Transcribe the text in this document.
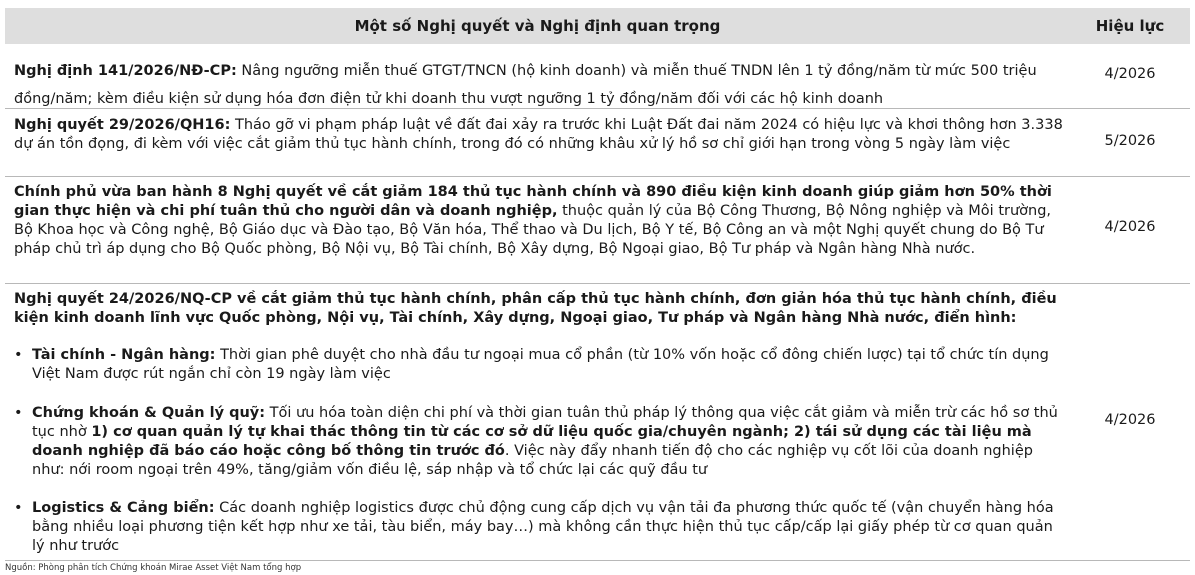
Một số Nghị quyết và Nghị định quan trọng	Hiệu lực
Nghị định 141/2026/NĐ-CP: Nâng ngưỡng miễn thuế GTGT/TNCN (hộ kinh doanh) và miễn thuế TNDN lên 1 tỷ đồng/năm từ mức 500 triệu đồng/năm; kèm điều kiện sử dụng hóa đơn điện tử khi doanh thu vượt ngưỡng 1 tỷ đồng/năm đối với các hộ kinh doanh
4/2026
Nghị quyết 29/2026/QH16: Tháo gỡ vi phạm pháp luật về đất đai xảy ra trước khi Luật Đất đai năm 2024 có hiệu lực và khơi thông hơn 3.338 dự án tồn đọng, đi kèm với việc cắt giảm thủ tục hành chính, trong đó có những khâu xử lý hồ sơ chỉ giới hạn trong vòng 5 ngày làm việc	5/2026
Chính phủ vừa ban hành 8 Nghị quyết về cắt giảm 184 thủ tục hành chính và 890 điều kiện kinh doanh giúp giảm hơn 50% thời gian thực hiện và chi phí tuân thủ cho người dân và doanh nghiệp, thuộc quản lý của Bộ Công Thương, Bộ Nông nghiệp và Môi trường, Bộ Khoa học và Công nghệ, Bộ Giáo dục và Đào tạo, Bộ Văn hóa, Thể thao và Du lịch, Bộ Y tế, Bộ Công an và một Nghị quyết chung do Bộ Tư pháp chủ trì áp dụng cho Bộ Quốc phòng, Bộ Nội vụ, Bộ Tài chính, Bộ Xây dựng, Bộ Ngoại giao, Bộ Tư pháp và Ngân hàng Nhà nước.
4/2026
Nghị quyết 24/2026/NQ-CP về cắt giảm thủ tục hành chính, phân cấp thủ tục hành chính, đơn giản hóa thủ tục hành chính, điều kiện kinh doanh lĩnh vực Quốc phòng, Nội vụ, Tài chính, Xây dựng, Ngoại giao, Tư pháp và Ngân hàng Nhà nước, điển hình:
• Tài chính - Ngân hàng: Thời gian phê duyệt cho nhà đầu tư ngoại mua cổ phần (từ 10% vốn hoặc cổ đông chiến lược) tại tổ chức tín dụng Việt Nam được rút ngắn chỉ còn 19 ngày làm việc
• Chứng khoán & Quản lý quỹ: Tối ưu hóa toàn diện chi phí và thời gian tuân thủ pháp lý thông qua việc cắt giảm và miễn trừ các hồ sơ thủ tục nhờ 1) cơ quan quản lý tự khai thác thông tin từ các cơ sở dữ liệu quốc gia/chuyên ngành; 2) tái sử dụng các tài liệu mà doanh nghiệp đã báo cáo hoặc công bố thông tin trước đó. Việc này đẩy nhanh tiến độ cho các nghiệp vụ cốt lõi của doanh nghiệp như: nới room ngoại trên 49%, tăng/giảm vốn điều lệ, sáp nhập và tổ chức lại các quỹ đầu tư
• Logistics & Cảng biển: Các doanh nghiệp logistics được chủ động cung cấp dịch vụ vận tải đa phương thức quốc tế (vận chuyển hàng hóa bằng nhiều loại phương tiện kết hợp như xe tải, tàu biển, máy bay…) mà không cần thực hiện thủ tục cấp/cấp lại giấy phép từ cơ quan quản lý như trước
4/2026
Nguồn: Phòng phân tích Chứng khoán Mirae Asset Việt Nam tổng hợp
